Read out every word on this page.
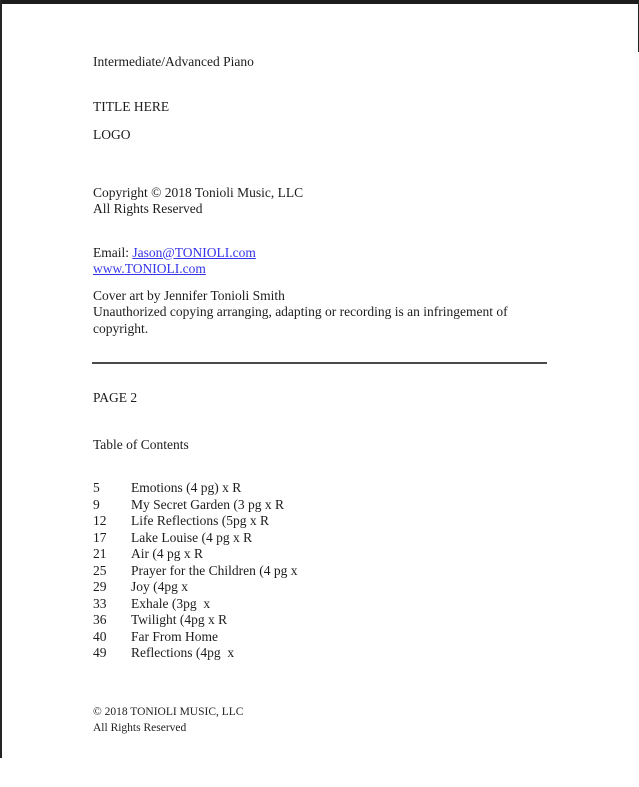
Intermediate/Advanced Piano
TITLE HERE
LOGO
Copyright © 2018 Tonioli Music, LLC
All Rights Reserved
Email: Jason@TONIOLI.com
www.TONIOLI.com
Cover art by Jennifer Tonioli Smith
Unauthorized copying arranging, adapting or recording is an infringement of
copyright.
PAGE 2
Table of Contents
5	Emotions (4 pg) x R
9	My Secret Garden (3 pg x R
12	Life Reflections (5pg x R
17	Lake Louise (4 pg x R
21	Air (4 pg x R
25	Prayer for the Children (4 pg x
29	Joy (4pg x
33	Exhale (3pg  x
36	Twilight (4pg x R
40	Far From Home
49	Reflections (4pg  x
© 2018 TONIOLI MUSIC, LLC
All Rights Reserved
